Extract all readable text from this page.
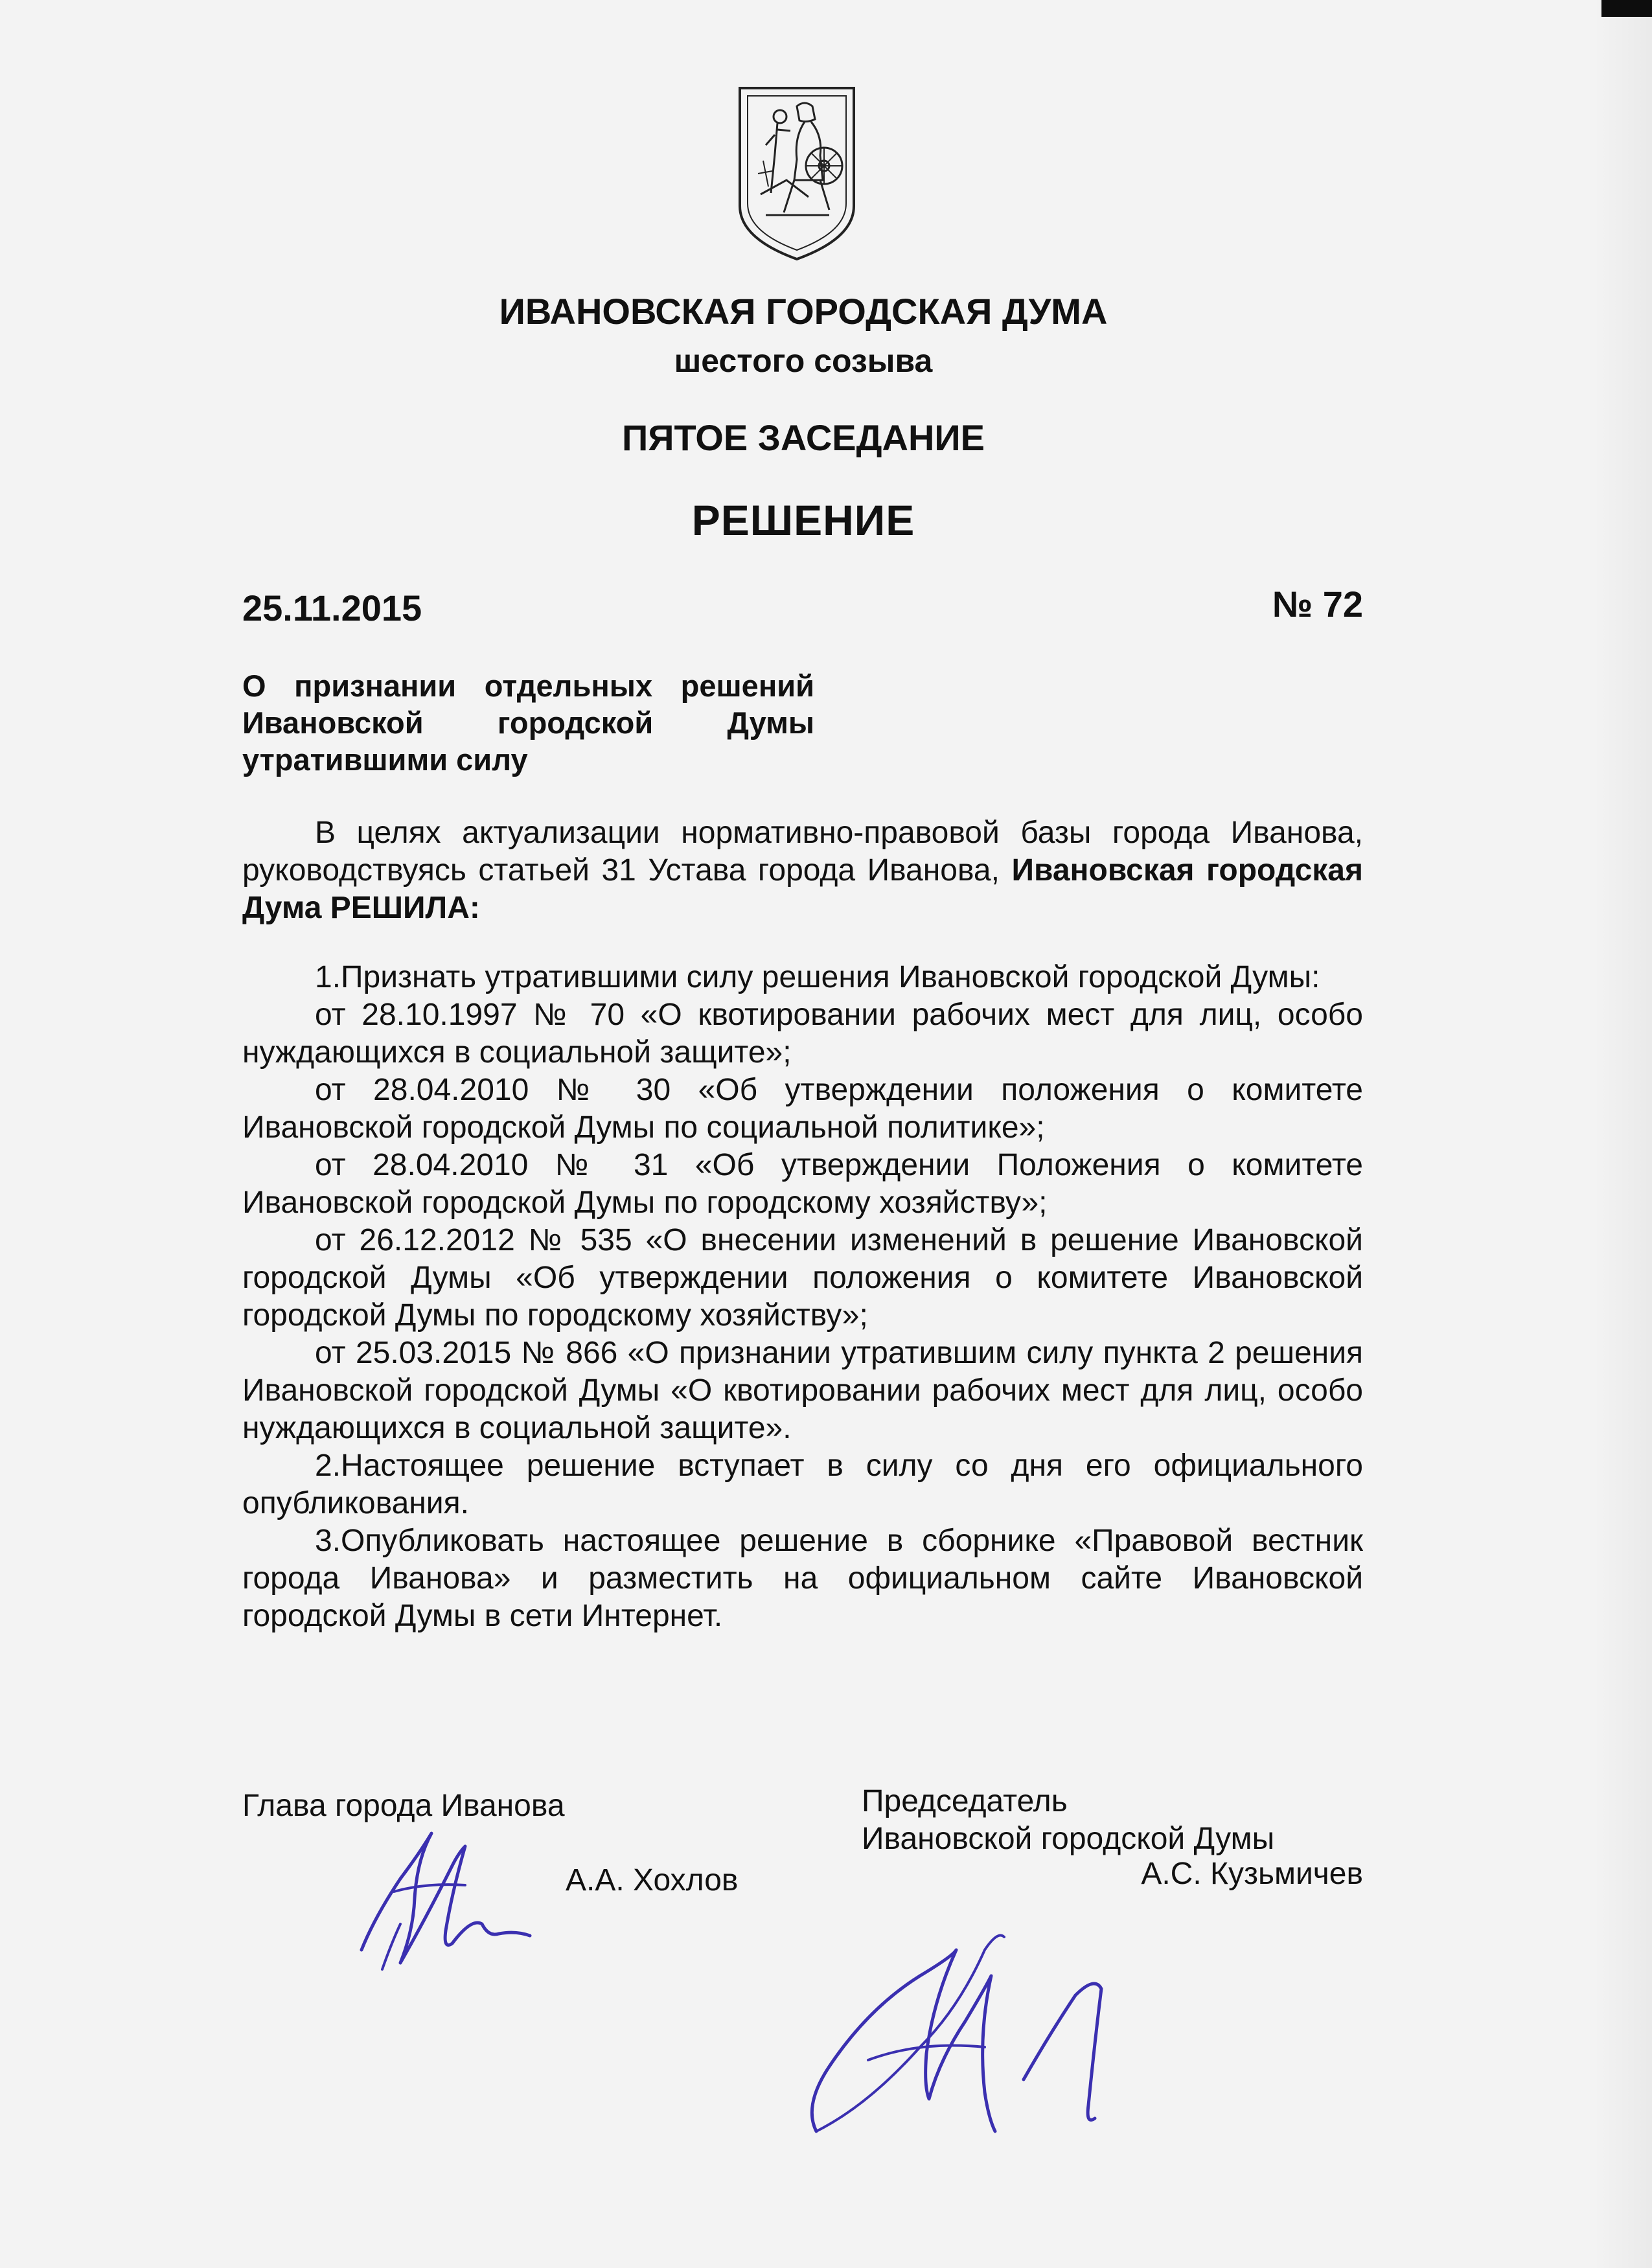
ИВАНОВСКАЯ ГОРОДСКАЯ ДУМА
шестого созыва
ПЯТОЕ ЗАСЕДАНИЕ
РЕШЕНИЕ
25.11.2015	№ 72
О признании отдельных решений
Ивановской городской Думы
утратившими силу

В целях актуализации нормативно-правовой базы города Иванова, руководствуясь статьей 31 Устава города Иванова, Ивановская городская Дума РЕШИЛА:

1.Признать утратившими силу решения Ивановской городской Думы:

от 28.10.1997 № 70 «О квотировании рабочих мест для лиц, особо нуждающихся в социальной защите»;

от 28.04.2010 № 30 «Об утверждении положения о комитете Ивановской городской Думы по социальной политике»;

от 28.04.2010 № 31 «Об утверждении Положения о комитете Ивановской городской Думы по городскому хозяйству»;

от 26.12.2012 № 535 «О внесении изменений в решение Ивановской городской Думы «Об утверждении положения о комитете Ивановской городской Думы по городскому хозяйству»;

от 25.03.2015 № 866 «О признании утратившим силу пункта 2 решения Ивановской городской Думы «О квотировании рабочих мест для лиц, особо нуждающихся в социальной защите».

2.Настоящее решение вступает в силу со дня его официального опубликования.

3.Опубликовать настоящее решение в сборнике «Правовой вестник города Иванова» и разместить на официальном сайте Ивановской городской Думы в сети Интернет.

Глава города Иванова
А.А. Хохлов
Председатель
Ивановской городской Думы
А.С. Кузьмичев
